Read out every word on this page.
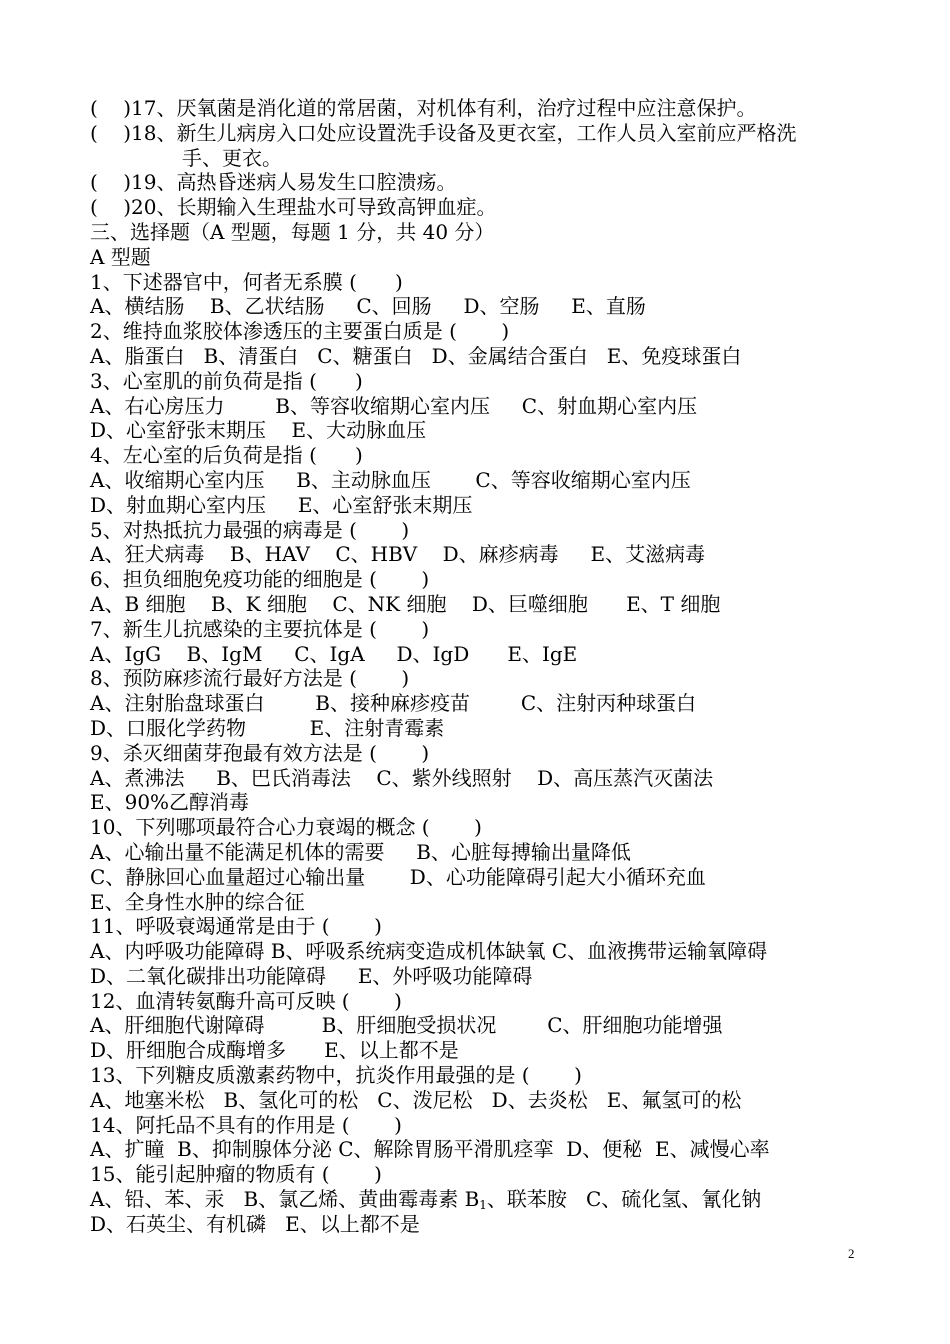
(    )17、厌氧菌是消化道的常居菌，对机体有利，治疗过程中应注意保护。
(    )18、新生儿病房入口处应设置洗手设备及更衣室，工作人员入室前应严格洗
手、更衣。
(    )19、高热昏迷病人易发生口腔溃疡。
(    )20、长期输入生理盐水可导致高钾血症。
三、选择题（A 型题，每题 1 分，共 40 分）
A 型题
1、下述器官中，何者无系膜 (      )
A、横结肠    B、乙状结肠     C、回肠     D、空肠     E、直肠
2、维持血浆胶体渗透压的主要蛋白质是 (       )
A、脂蛋白   B、清蛋白   C、糖蛋白   D、金属结合蛋白   E、免疫球蛋白
3、心室肌的前负荷是指 (      )
A、右心房压力        B、等容收缩期心室内压     C、射血期心室内压
D、心室舒张末期压    E、大动脉血压
4、左心室的后负荷是指 (      )
A、收缩期心室内压     B、主动脉血压       C、等容收缩期心室内压
D、射血期心室内压     E、心室舒张末期压
5、对热抵抗力最强的病毒是 (       )
A、狂犬病毒    B、HAV    C、HBV    D、麻疹病毒     E、艾滋病毒
6、担负细胞免疫功能的细胞是 (       )
A、B 细胞    B、K 细胞    C、NK 细胞    D、巨噬细胞      E、T 细胞
7、新生儿抗感染的主要抗体是 (       )
A、IgG    B、IgM     C、IgA     D、IgD      E、IgE
8、预防麻疹流行最好方法是 (       )
A、注射胎盘球蛋白        B、接种麻疹疫苗        C、注射丙种球蛋白
D、口服化学药物          E、注射青霉素
9、杀灭细菌芽孢最有效方法是 (       )
A、煮沸法     B、巴氏消毒法    C、紫外线照射    D、高压蒸汽灭菌法
E、90%乙醇消毒
10、下列哪项最符合心力衰竭的概念 (       )
A、心输出量不能满足机体的需要     B、心脏每搏输出量降低
C、静脉回心血量超过心输出量       D、心功能障碍引起大小循环充血
E、全身性水肿的综合征
11、呼吸衰竭通常是由于 (       )
A、内呼吸功能障碍 B、呼吸系统病变造成机体缺氧 C、血液携带运输氧障碍
D、二氧化碳排出功能障碍     E、外呼吸功能障碍
12、血清转氨酶升高可反映 (       )
A、肝细胞代谢障碍         B、肝细胞受损状况        C、肝细胞功能增强
D、肝细胞合成酶增多      E、以上都不是
13、下列糖皮质激素药物中，抗炎作用最强的是 (       )
A、地塞米松   B、氢化可的松   C、泼尼松   D、去炎松   E、氟氢可的松
14、阿托品不具有的作用是 (       )
A、扩瞳  B、抑制腺体分泌 C、解除胃肠平滑肌痉挛  D、便秘  E、减慢心率
15、能引起肿瘤的物质有 (       )
A、铅、苯、汞   B、氯乙烯、黄曲霉毒素 $B_1$、联苯胺   C、硫化氢、氰化钠
D、石英尘、有机磷   E、以上都不是
2
